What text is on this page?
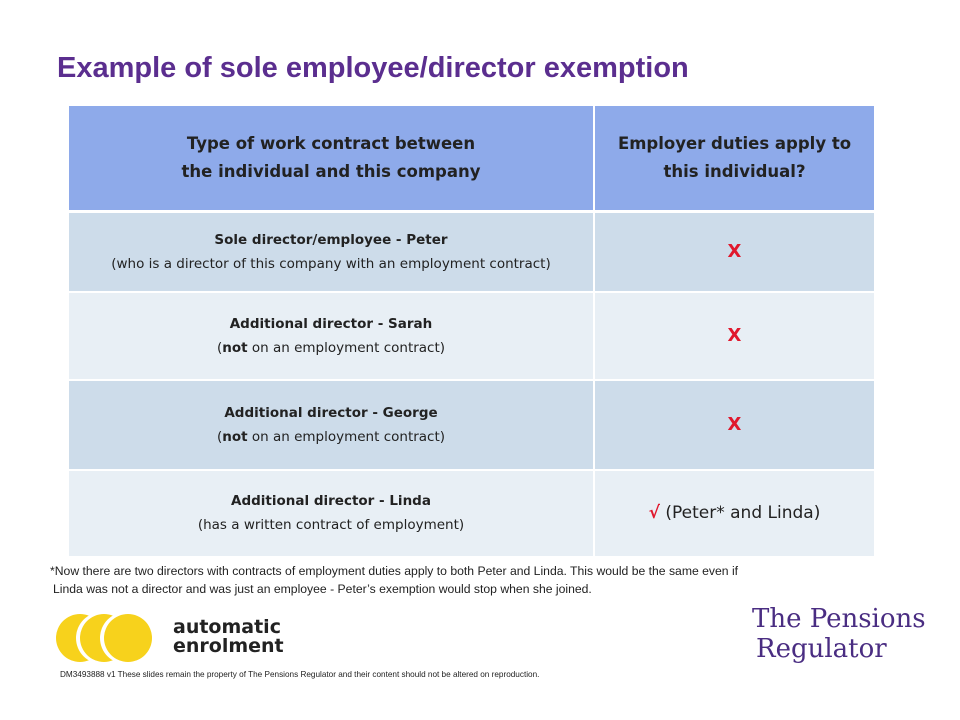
Example of sole employee/director exemption
Type of work contract between
the individual and this company	Employer duties apply to
this individual?

Sole director/employee - Peter
(who is a director of this company with an employment contract)	X

Additional director - Sarah
(not on an employment contract)	X

Additional director - George
(not on an employment contract)	X

Additional director - Linda
(has a written contract of employment)	√ (Peter* and Linda)
*Now there are two directors with contracts of employment duties apply to both Peter and Linda. This would be the same even if
Linda was not a director and was just an employee - Peter’s exemption would stop when she joined.
automatic
enrolment
The Pensions
Regulator
DM3493888 v1 These slides remain the property of The Pensions Regulator and their content should not be altered on reproduction.
